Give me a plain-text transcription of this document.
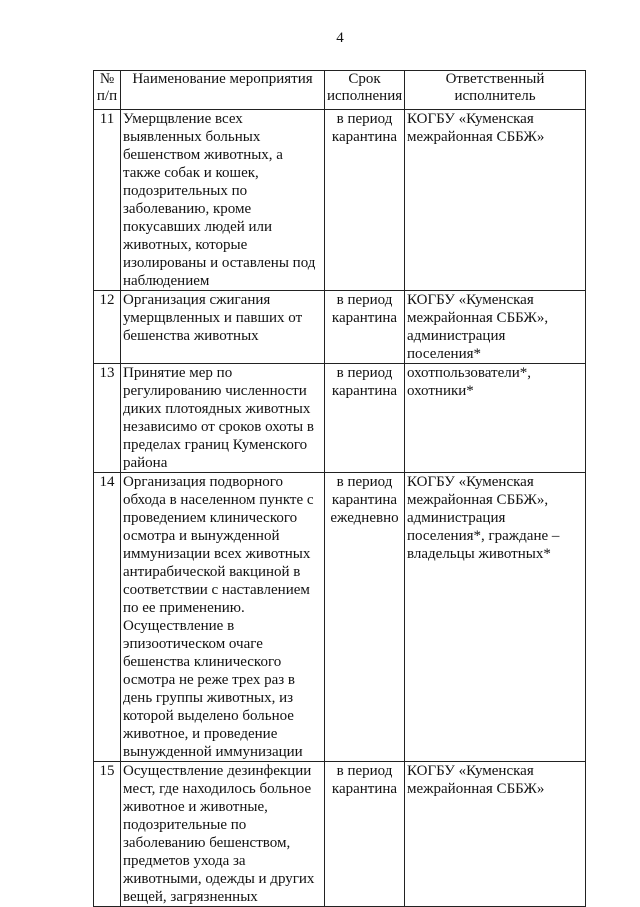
4
№ п/п	Наименование мероприятия	Срок исполнения	Ответственный исполнитель
11	Умерщвление всех выявленных больных бешенством животных, а также собак и кошек, подозрительных по заболеванию, кроме покусавших людей или животных, которые изолированы и оставлены под наблюдением	в период карантина	КОГБУ «Куменская межрайонная СББЖ»
12	Организация сжигания умерщвленных и павших от бешенства животных	в период карантина	КОГБУ «Куменская межрайонная СББЖ», администрация поселения*
13	Принятие мер по регулированию численности диких плотоядных животных независимо от сроков охоты в пределах границ Куменского района	в период карантина	охотпользователи*, охотники*
14	Организация подворного обхода в населенном пункте с проведением клинического осмотра и вынужденной иммунизации всех животных антирабической вакциной в соответствии с наставлением по ее применению. Осуществление в эпизоотическом очаге бешенства клинического осмотра не реже трех раз в день группы животных, из которой выделено больное животное, и проведение вынужденной иммунизации	в период карантина ежедневно	КОГБУ «Куменская межрайонная СББЖ», администрация поселения*, граждане – владельцы животных*
15	Осуществление дезинфекции мест, где находилось больное животное и животные, подозрительные по заболеванию бешенством, предметов ухода за животными, одежды и других вещей, загрязненных	в период карантина	КОГБУ «Куменская межрайонная СББЖ»
